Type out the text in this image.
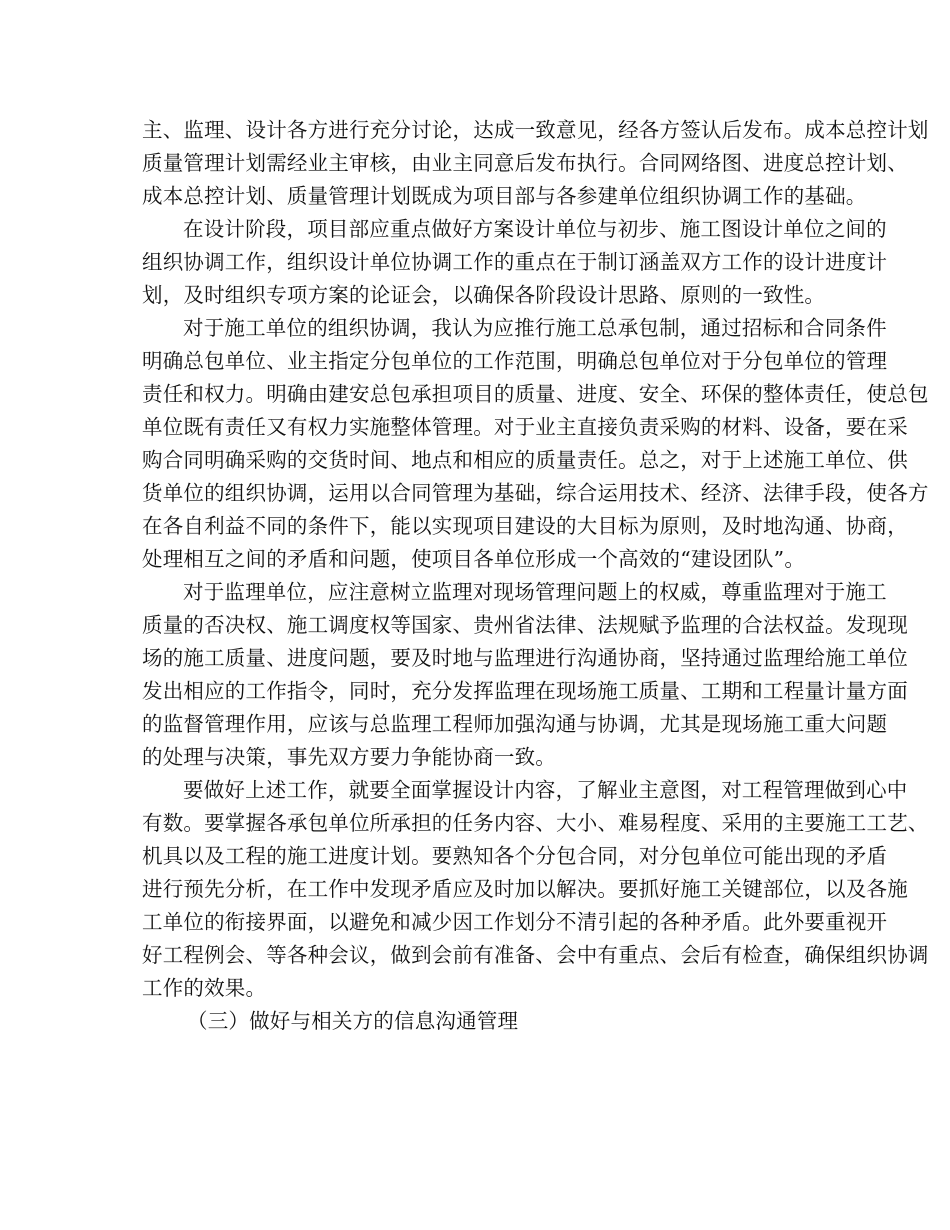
主、监理、设计各方进行充分讨论，达成一致意见，经各方签认后发布。成本总控计划
质量管理计划需经业主审核，由业主同意后发布执行。合同网络图、进度总控计划、
成本总控计划、质量管理计划既成为项目部与各参建单位组织协调工作的基础。
在设计阶段，项目部应重点做好方案设计单位与初步、施工图设计单位之间的
组织协调工作，组织设计单位协调工作的重点在于制订涵盖双方工作的设计进度计
划，及时组织专项方案的论证会，以确保各阶段设计思路、原则的一致性。
对于施工单位的组织协调，我认为应推行施工总承包制，通过招标和合同条件
明确总包单位、业主指定分包单位的工作范围，明确总包单位对于分包单位的管理
责任和权力。明确由建安总包承担项目的质量、进度、安全、环保的整体责任，使总包
单位既有责任又有权力实施整体管理。对于业主直接负责采购的材料、设备，要在采
购合同明确采购的交货时间、地点和相应的质量责任。总之，对于上述施工单位、供
货单位的组织协调，运用以合同管理为基础，综合运用技术、经济、法律手段，使各方
在各自利益不同的条件下，能以实现项目建设的大目标为原则，及时地沟通、协商，
处理相互之间的矛盾和问题，使项目各单位形成一个高效的“建设团队”。
对于监理单位，应注意树立监理对现场管理问题上的权威，尊重监理对于施工
质量的否决权、施工调度权等国家、贵州省法律、法规赋予监理的合法权益。发现现
场的施工质量、进度问题，要及时地与监理进行沟通协商，坚持通过监理给施工单位
发出相应的工作指令，同时，充分发挥监理在现场施工质量、工期和工程量计量方面
的监督管理作用，应该与总监理工程师加强沟通与协调，尤其是现场施工重大问题
的处理与决策，事先双方要力争能协商一致。
要做好上述工作，就要全面掌握设计内容，了解业主意图，对工程管理做到心中
有数。要掌握各承包单位所承担的任务内容、大小、难易程度、采用的主要施工工艺、
机具以及工程的施工进度计划。要熟知各个分包合同，对分包单位可能出现的矛盾
进行预先分析，在工作中发现矛盾应及时加以解决。要抓好施工关键部位，以及各施
工单位的衔接界面，以避免和减少因工作划分不清引起的各种矛盾。此外要重视开
好工程例会、等各种会议，做到会前有准备、会中有重点、会后有检查，确保组织协调
工作的效果。
（三）做好与相关方的信息沟通管理
